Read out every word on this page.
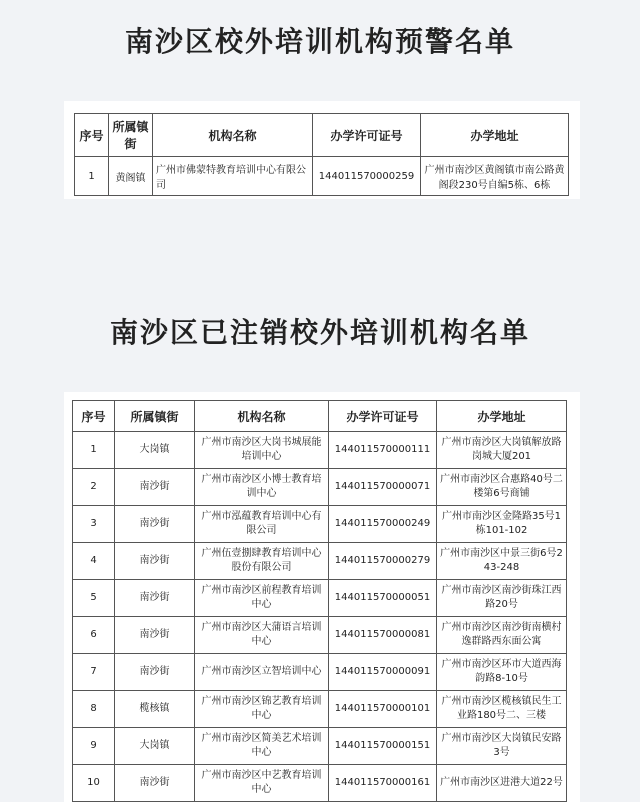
南沙区校外培训机构预警名单
序号	所属镇街	机构名称	办学许可证号	办学地址
1	黄阁镇	广州市佛蒙特教育培训中心有限公司	144011570000259	广州市南沙区黄阁镇市南公路黄阁段230号自编5栋、6栋
南沙区已注销校外培训机构名单
序号	所属镇街	机构名称	办学许可证号	办学地址
1	大岗镇	广州市南沙区大岗书城展能培训中心	144011570000111	广州市南沙区大岗镇解放路岗城大厦201
2	南沙街	广州市南沙区小博士教育培训中心	144011570000071	广州市南沙区合惠路40号二楼第6号商铺
3	南沙街	广州市泓蕴教育培训中心有限公司	144011570000249	广州市南沙区金隆路35号1栋101-102
4	南沙街	广州伍壹捌肆教育培训中心股份有限公司	144011570000279	广州市南沙区中景三街6号243-248
5	南沙街	广州市南沙区前程教育培训中心	144011570000051	广州市南沙区南沙街珠江西路20号
6	南沙街	广州市南沙区大蒲语言培训中心	144011570000081	广州市南沙区南沙街南横村逸群路西东面公寓
7	南沙街	广州市南沙区立智培训中心	144011570000091	广州市南沙区环市大道西海韵路8-10号
8	榄核镇	广州市南沙区锦艺教育培训中心	144011570000101	广州市南沙区榄核镇民生工业路180号二、三楼
9	大岗镇	广州市南沙区简美艺术培训中心	144011570000151	广州市南沙区大岗镇民安路3号
10	南沙街	广州市南沙区中艺教育培训中心	144011570000161	广州市南沙区进港大道22号
